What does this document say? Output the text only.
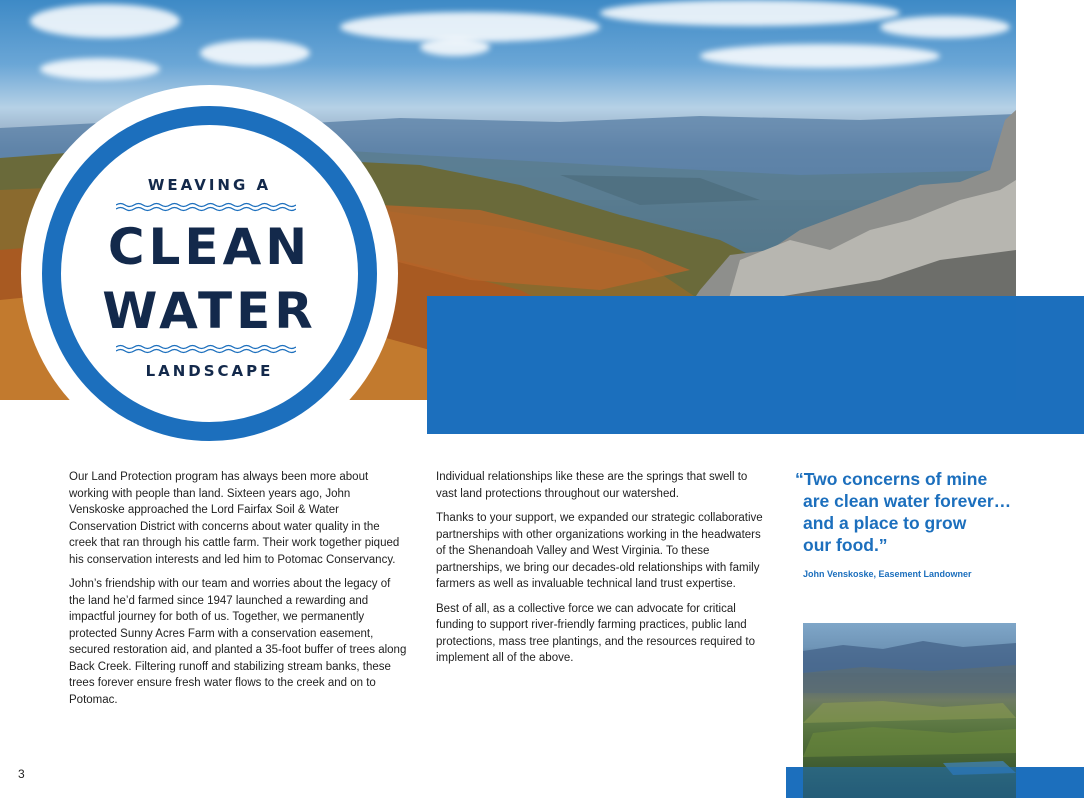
WEAVING A
CLEAN
WATER
LANDSCAPE

Our Land Protection program has always been more about working with people than land. Sixteen years ago, John Venskoske approached the Lord Fairfax Soil & Water Conservation District with concerns about water quality in the creek that ran through his cattle farm. Their work together piqued his conservation interests and led him to Potomac Conservancy.

John’s friendship with our team and worries about the legacy of the land he’d farmed since 1947 launched a rewarding and impactful journey for both of us. Together, we permanently protected Sunny Acres Farm with a conservation easement, secured restoration aid, and planted a 35-foot buffer of trees along Back Creek. Filtering runoff and stabilizing stream banks, these trees forever ensure fresh water flows to the creek and on to Potomac.

Individual relationships like these are the springs that swell to vast land protections throughout our watershed.

Thanks to your support, we expanded our strategic collaborative partnerships with other organizations working in the headwaters of the Shenandoah Valley and West Virginia. To these partnerships, we bring our decades-old relationships with family farmers as well as invaluable technical land trust expertise.

Best of all, as a collective force we can advocate for critical funding to support river-friendly farming practices, public land protections, mass tree plantings, and the resources required to implement all of the above.

“Two concerns of mine
are clean water forever…
and a place to grow
our food.”
John Venskoske, Easement Landowner
3
